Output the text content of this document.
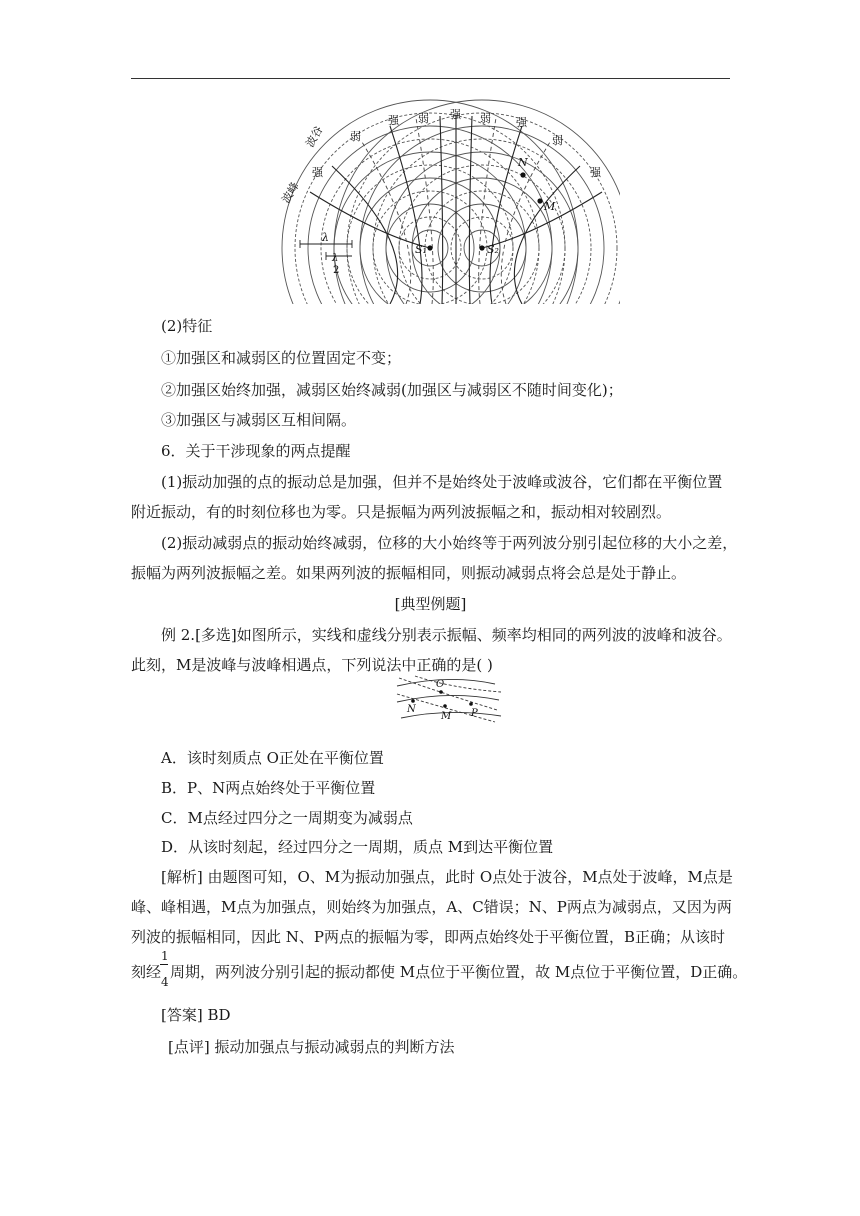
波峰
波谷
强
弱
强 弱 强 弱 强
弱
强
N
M
S₁	S₂
λ
λ
2
(2)特征
①加强区和减弱区的位置固定不变；
②加强区始终加强，减弱区始终减弱(加强区与减弱区不随时间变化)；
③加强区与减弱区互相间隔。
6．关于干涉现象的两点提醒
(1)振动加强的点的振动总是加强，但并不是始终处于波峰或波谷，它们都在平衡位置
附近振动，有的时刻位移也为零。只是振幅为两列波振幅之和，振动相对较剧烈。
(2)振动减弱点的振动始终减弱，位移的大小始终等于两列波分别引起位移的大小之差，
振幅为两列波振幅之差。如果两列波的振幅相同，则振动减弱点将会总是处于静止。
[典型例题]
例 2.[多选]如图所示，实线和虚线分别表示振幅、频率均相同的两列波的波峰和波谷。
此刻，M是波峰与波峰相遇点，下列说法中正确的是( )
O
N
M P
A．该时刻质点 O正处在平衡位置
B．P、N两点始终处于平衡位置
C．M点经过四分之一周期变为减弱点
D．从该时刻起，经过四分之一周期，质点 M到达平衡位置
[解析] 由题图可知，O、M为振动加强点，此时 O点处于波谷，M点处于波峰，M点是
峰、峰相遇，M点为加强点，则始终为加强点，A、C错误；N、P两点为减弱点，又因为两
列波的振幅相同，因此 N、P两点的振幅为零，即两点始终处于平衡位置，B正确；从该时
刻经
1
4
周期，两列波分别引起的振动都使 M点位于平衡位置，故 M点位于平衡位置，D正确。
[答案] BD
[点评] 振动加强点与振动减弱点的判断方法
